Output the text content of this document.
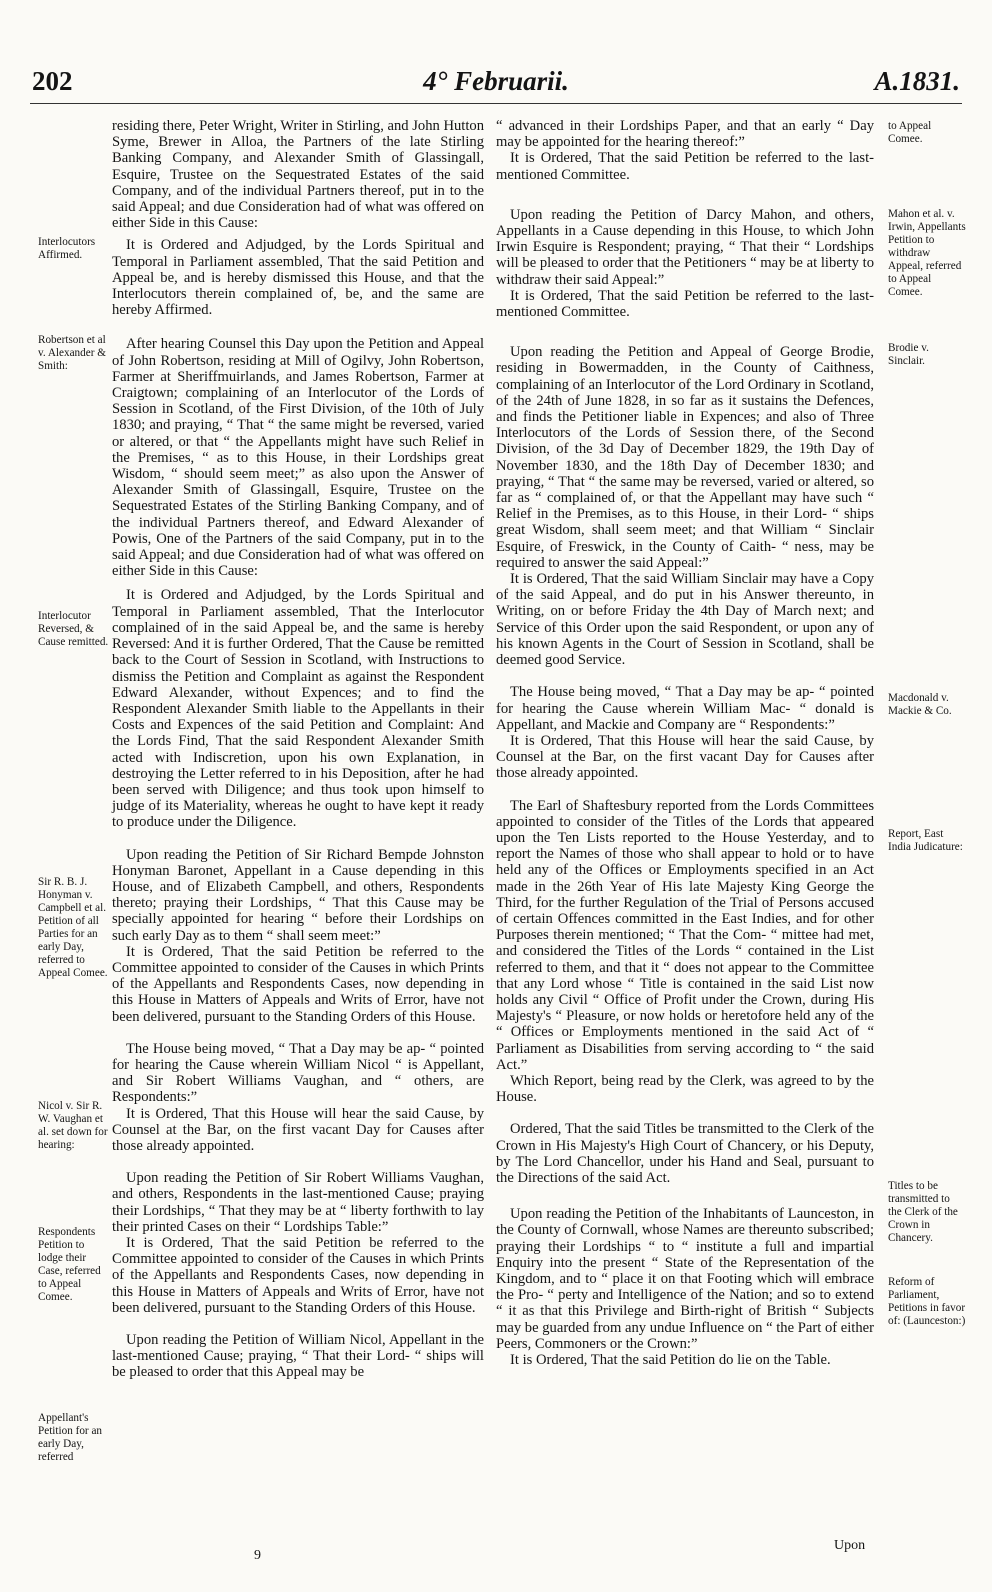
202	4° Februarii.	A.1831.
Interlocutors Affirmed.
Robertson et al v. Alexander & Smith:
Interlocutor Reversed, & Cause remitted.
Sir R. B. J. Honyman v. Campbell et al. Petition of all Parties for an early Day, referred to Appeal Comee.
Nicol v. Sir R. W. Vaughan et al. set down for hearing:
Respondents Petition to lodge their Case, referred to Appeal Comee.
Appellant's Petition for an early Day, referred
to Appeal Comee.
Mahon et al. v. Irwin, Appellants Petition to withdraw Appeal, referred to Appeal Comee.
Brodie v. Sinclair.
Macdonald v. Mackie & Co.
Report, East India Judicature:
Titles to be transmitted to the Clerk of the Crown in Chancery.
Reform of Parliament, Petitions in favor of: (Launceston:)

residing there, Peter Wright, Writer in Stirling, and John Hutton Syme, Brewer in Alloa, the Partners of the late Stirling Banking Company, and Alexander Smith of Glassingall, Esquire, Trustee on the Sequestrated Estates of the said Company, and of the individual Partners thereof, put in to the said Appeal; and due Consideration had of what was offered on either Side in this Cause:

It is Ordered and Adjudged, by the Lords Spiritual and Temporal in Parliament assembled, That the said Petition and Appeal be, and is hereby dismissed this House, and that the Interlocutors therein complained of, be, and the same are hereby Affirmed.

After hearing Counsel this Day upon the Petition and Appeal of John Robertson, residing at Mill of Ogilvy, John Robertson, Farmer at Sheriffmuirlands, and James Robertson, Farmer at Craigtown; complaining of an Interlocutor of the Lords of Session in Scotland, of the First Division, of the 10th of July 1830; and praying, “ That “ the same might be reversed, varied or altered, or that “ the Appellants might have such Relief in the Premises, “ as to this House, in their Lordships great Wisdom, “ should seem meet;” as also upon the Answer of Alexander Smith of Glassingall, Esquire, Trustee on the Sequestrated Estates of the Stirling Banking Company, and of the individual Partners thereof, and Edward Alexander of Powis, One of the Partners of the said Company, put in to the said Appeal; and due Consideration had of what was offered on either Side in this Cause:

It is Ordered and Adjudged, by the Lords Spiritual and Temporal in Parliament assembled, That the Interlocutor complained of in the said Appeal be, and the same is hereby Reversed: And it is further Ordered, That the Cause be remitted back to the Court of Session in Scotland, with Instructions to dismiss the Petition and Complaint as against the Respondent Edward Alexander, without Expences; and to find the Respondent Alexander Smith liable to the Appellants in their Costs and Expences of the said Petition and Complaint: And the Lords Find, That the said Respondent Alexander Smith acted with Indiscretion, upon his own Explanation, in destroying the Letter referred to in his Deposition, after he had been served with Diligence; and thus took upon himself to judge of its Materiality, whereas he ought to have kept it ready to produce under the Diligence.

Upon reading the Petition of Sir Richard Bempde Johnston Honyman Baronet, Appellant in a Cause depending in this House, and of Elizabeth Campbell, and others, Respondents thereto; praying their Lordships, “ That this Cause may be specially appointed for hearing “ before their Lordships on such early Day as to them “ shall seem meet:”

It is Ordered, That the said Petition be referred to the Committee appointed to consider of the Causes in which Prints of the Appellants and Respondents Cases, now depending in this House in Matters of Appeals and Writs of Error, have not been delivered, pursuant to the Standing Orders of this House.

The House being moved, “ That a Day may be ap- “ pointed for hearing the Cause wherein William Nicol “ is Appellant, and Sir Robert Williams Vaughan, and “ others, are Respondents:”

It is Ordered, That this House will hear the said Cause, by Counsel at the Bar, on the first vacant Day for Causes after those already appointed.

Upon reading the Petition of Sir Robert Williams Vaughan, and others, Respondents in the last-mentioned Cause; praying their Lordships, “ That they may be at “ liberty forthwith to lay their printed Cases on their “ Lordships Table:”

It is Ordered, That the said Petition be referred to the Committee appointed to consider of the Causes in which Prints of the Appellants and Respondents Cases, now depending in this House in Matters of Appeals and Writs of Error, have not been delivered, pursuant to the Standing Orders of this House.

Upon reading the Petition of William Nicol, Appellant in the last-mentioned Cause; praying, “ That their Lord- “ ships will be pleased to order that this Appeal may be

“ advanced in their Lordships Paper, and that an early “ Day may be appointed for the hearing thereof:”

It is Ordered, That the said Petition be referred to the last-mentioned Committee.

Upon reading the Petition of Darcy Mahon, and others, Appellants in a Cause depending in this House, to which John Irwin Esquire is Respondent; praying, “ That their “ Lordships will be pleased to order that the Petitioners “ may be at liberty to withdraw their said Appeal:”

It is Ordered, That the said Petition be referred to the last-mentioned Committee.

Upon reading the Petition and Appeal of George Brodie, residing in Bowermadden, in the County of Caithness, complaining of an Interlocutor of the Lord Ordinary in Scotland, of the 24th of June 1828, in so far as it sustains the Defences, and finds the Petitioner liable in Expences; and also of Three Interlocutors of the Lords of Session there, of the Second Division, of the 3d Day of December 1829, the 19th Day of November 1830, and the 18th Day of December 1830; and praying, “ That “ the same may be reversed, varied or altered, so far as “ complained of, or that the Appellant may have such “ Relief in the Premises, as to this House, in their Lord- “ ships great Wisdom, shall seem meet; and that William “ Sinclair Esquire, of Freswick, in the County of Caith- “ ness, may be required to answer the said Appeal:”

It is Ordered, That the said William Sinclair may have a Copy of the said Appeal, and do put in his Answer thereunto, in Writing, on or before Friday the 4th Day of March next; and Service of this Order upon the said Respondent, or upon any of his known Agents in the Court of Session in Scotland, shall be deemed good Service.

The House being moved, “ That a Day may be ap- “ pointed for hearing the Cause wherein William Mac- “ donald is Appellant, and Mackie and Company are “ Respondents:”

It is Ordered, That this House will hear the said Cause, by Counsel at the Bar, on the first vacant Day for Causes after those already appointed.

The Earl of Shaftesbury reported from the Lords Committees appointed to consider of the Titles of the Lords that appeared upon the Ten Lists reported to the House Yesterday, and to report the Names of those who shall appear to hold or to have held any of the Offices or Employments specified in an Act made in the 26th Year of His late Majesty King George the Third, for the further Regulation of the Trial of Persons accused of certain Offences committed in the East Indies, and for other Purposes therein mentioned; “ That the Com- “ mittee had met, and considered the Titles of the Lords “ contained in the List referred to them, and that it “ does not appear to the Committee that any Lord whose “ Title is contained in the said List now holds any Civil “ Office of Profit under the Crown, during His Majesty's “ Pleasure, or now holds or heretofore held any of the “ Offices or Employments mentioned in the said Act of “ Parliament as Disabilities from serving according to “ the said Act.”

Which Report, being read by the Clerk, was agreed to by the House.

Ordered, That the said Titles be transmitted to the Clerk of the Crown in His Majesty's High Court of Chancery, or his Deputy, by The Lord Chancellor, under his Hand and Seal, pursuant to the Directions of the said Act.

Upon reading the Petition of the Inhabitants of Launceston, in the County of Cornwall, whose Names are thereunto subscribed; praying their Lordships “ to “ institute a full and impartial Enquiry into the present “ State of the Representation of the Kingdom, and to “ place it on that Footing which will embrace the Pro- “ perty and Intelligence of the Nation; and so to extend “ it as that this Privilege and Birth-right of British “ Subjects may be guarded from any undue Influence on “ the Part of either Peers, Commoners or the Crown:”

It is Ordered, That the said Petition do lie on the Table.

9
Upon
